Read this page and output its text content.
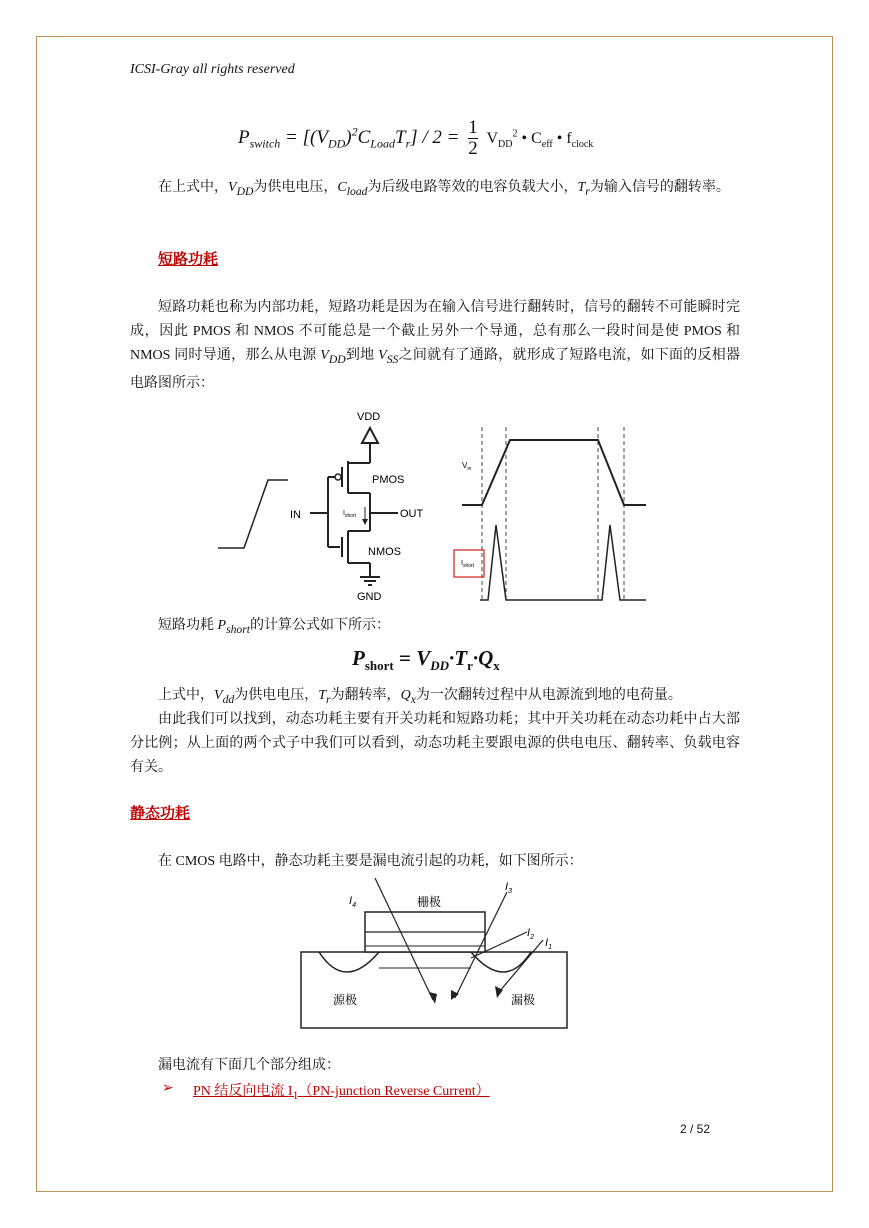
ICSI-Gray all rights reserved
$P_{switch} = [(V_{DD})^2C_{Load}T_r] / 2 = \frac{1}{2} V_{DD}^2$ • $C_{eff}$ • $f_{clock}$
在上式中，$V_{DD}$为供电电压，$C_{load}$为后级电路等效的电容负载大小，$T_r$为输入信号的翻转率。
短路功耗
短路功耗也称为内部功耗，短路功耗是因为在输入信号进行翻转时，信号的翻转不可能瞬时完成，因此 PMOS 和 NMOS 不可能总是一个截止另外一个导通，总有那么一段时间是使 PMOS 和 NMOS 同时导通，那么从电源 $V_{DD}$到地 $V_{SS}$之间就有了通路，就形成了短路电流，如下面的反相器电路图所示：
VDD
PMOS
IN	OUT
$I_{short}$
NMOS
GND
$V_{in}$
$I_{short}$
短路功耗 $P_{short}$的计算公式如下所示：
$P_{short} = V_{DD}\cdot T_r\cdot Q_x$
上式中，$V_{dd}$为供电电压，$T_r$为翻转率，$Q_x$为一次翻转过程中从电源流到地的电荷量。
由此我们可以找到，动态功耗主要有开关功耗和短路功耗；其中开关功耗在动态功耗中占大部分比例；从上面的两个式子中我们可以看到，动态功耗主要跟电源的供电电压、翻转率、负载电容有关。
静态功耗
在 CMOS 电路中，静态功耗主要是漏电流引起的功耗，如下图所示：
栅极
源极	漏极
$I_4$
$I_3$
$I_2$ $I_1$
漏电流有下面几个部分组成：
➢ PN 结反向电流 $I_1(PN$-junction Reverse Current）
2 / 52
